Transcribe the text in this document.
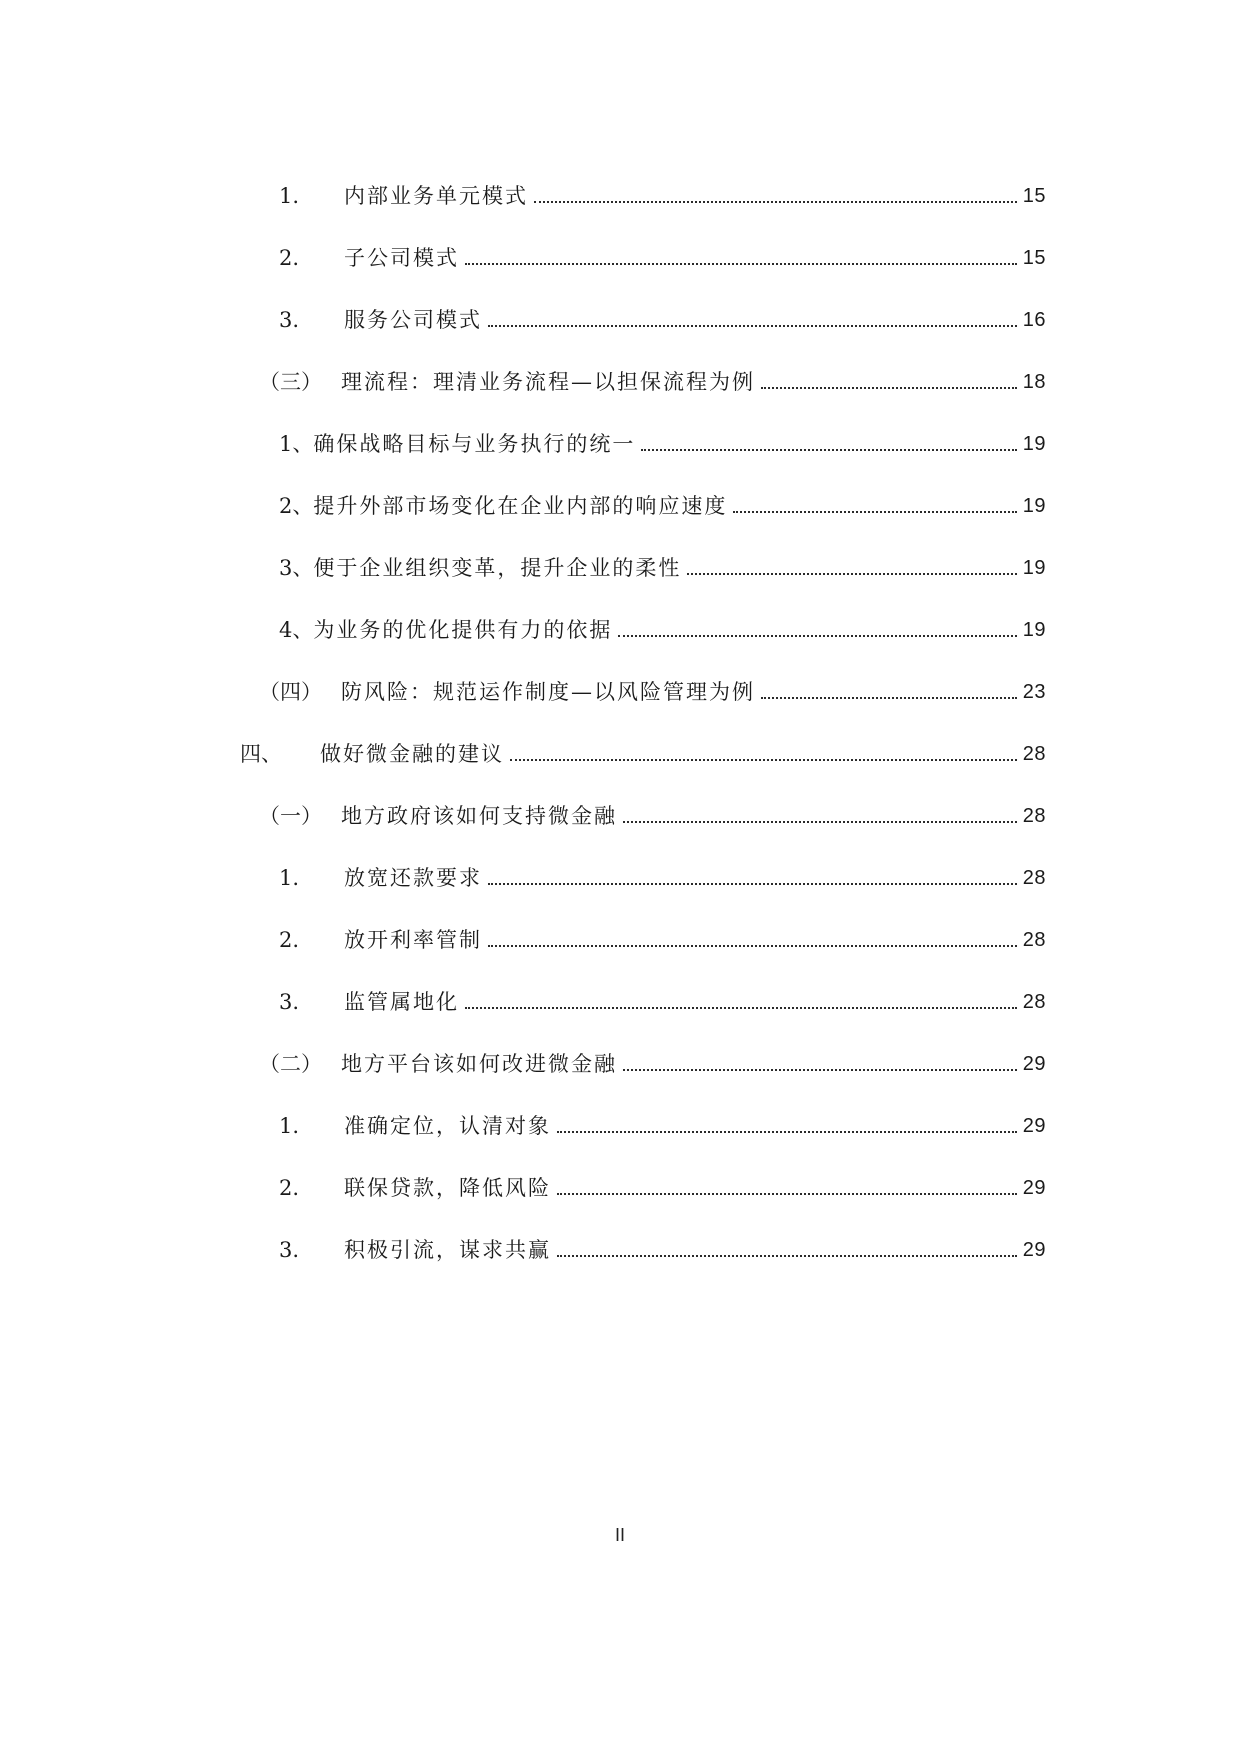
1.	内部业务单元模式	15
2.	子公司模式	15
3.	服务公司模式	16
（三） 理流程：理清业务流程—以担保流程为例	18
1、 确保战略目标与业务执行的统一	19
2、 提升外部市场变化在企业内部的响应速度	19
3、 便于企业组织变革，提升企业的柔性	19
4、 为业务的优化提供有力的依据	19
（四） 防风险：规范运作制度—以风险管理为例	23
四、	做好微金融的建议	28
（一） 地方政府该如何支持微金融	28
1.	放宽还款要求	28
2.	放开利率管制	28
3.	监管属地化	28
（二） 地方平台该如何改进微金融	29
1.	准确定位，认清对象	29
2.	联保贷款，降低风险	29
3.	积极引流，谋求共赢	29
II
